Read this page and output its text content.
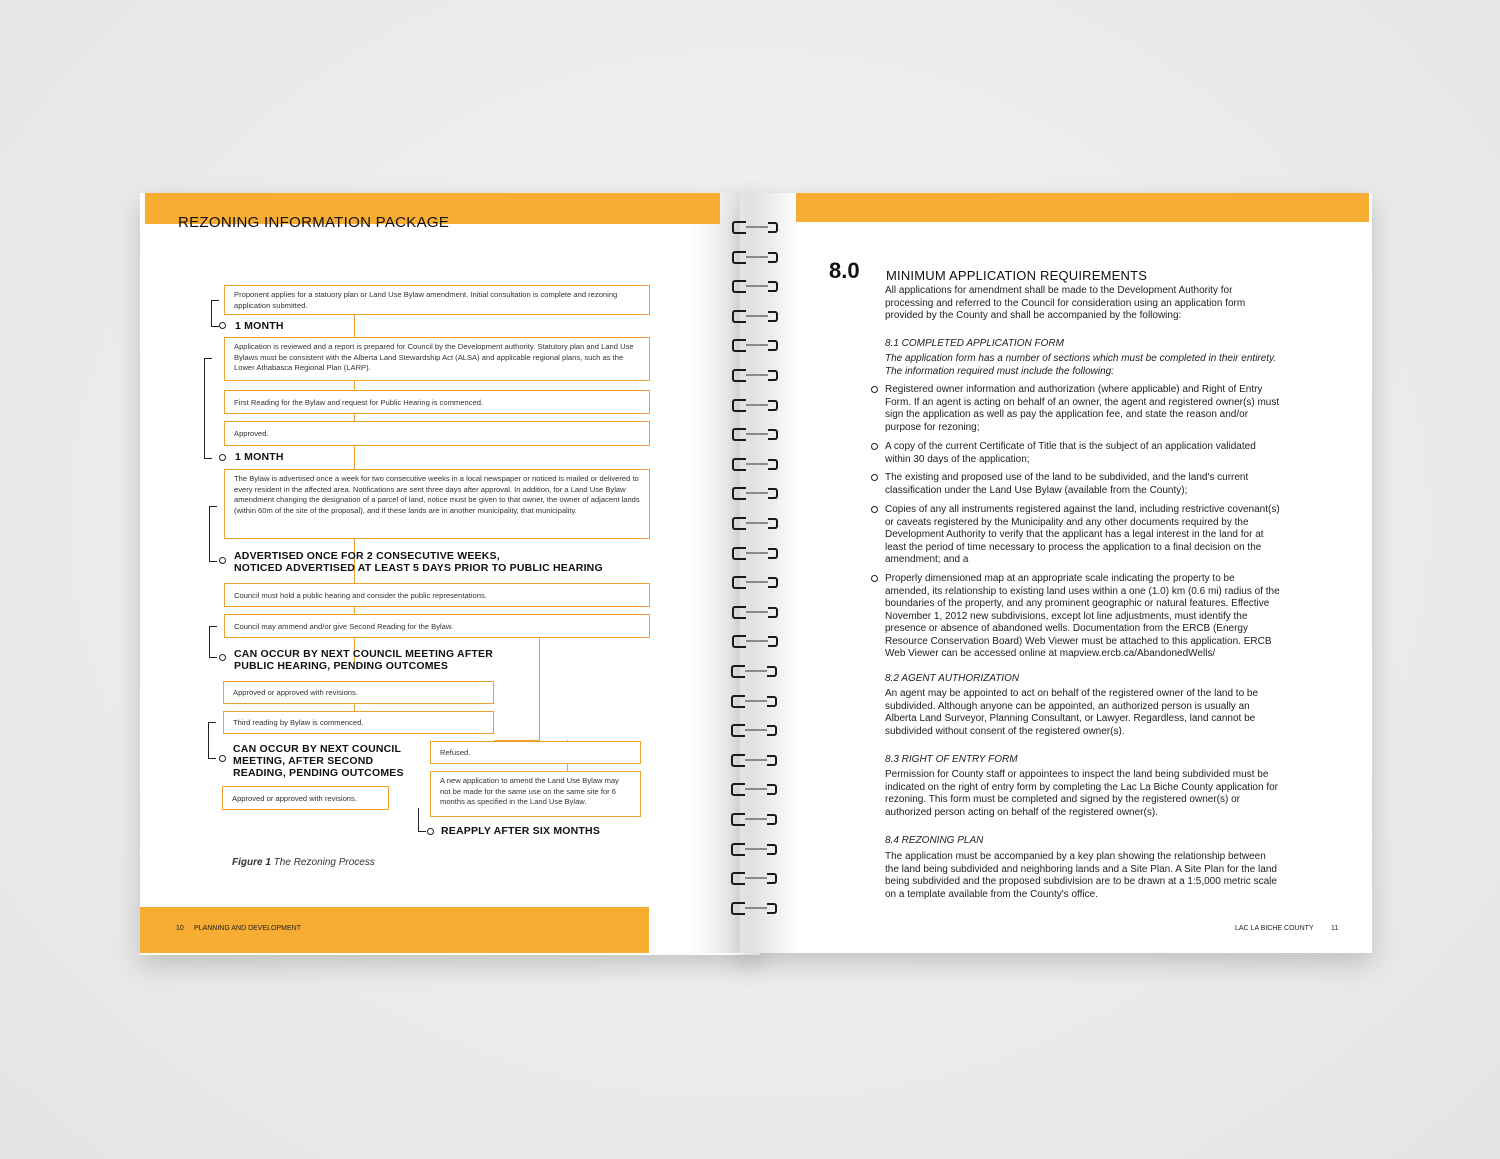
REZONING INFORMATION PACKAGE
Proponent applies for a statuory plan or Land Use Bylaw amendment. Initial consultation is complete and rezoning application submitted.
1 MONTH
Application is reviewed and a report is prepared for Council by the Development authority. Statutory plan and Land Use Bylaws must be consistent with the Alberta Land Stewardship Act (ALSA) and applicable regional plans, such as the Lower Athabasca Regional Plan (LARP).
First Reading for the Bylaw and request for Public Hearing is commenced.
Approved.
1 MONTH
The Bylaw is advertised once a week for two consecutive weeks in a local newspaper or noticed is mailed or delivered to every resident in the affected area. Notifications are sent three days after approval. In addition, for a Land Use Bylaw amendment changing the designation of a parcel of land, notice must be given to that owner, the owner of adjacent lands (within 60m of the site of the proposal), and if these lands are in another municipality, that municipality.
ADVERTISED ONCE FOR 2 CONSECUTIVE WEEKS,
NOTICED ADVERTISED AT LEAST 5 DAYS PRIOR TO PUBLIC HEARING
Council must hold a public hearing and consider the public representations.
Council may ammend and/or give Second Reading for the Bylaw.
CAN OCCUR BY NEXT COUNCIL MEETING AFTER
PUBLIC HEARING, PENDING OUTCOMES
Approved or approved with revisions.
Third reading by Bylaw is commenced.
CAN OCCUR BY NEXT COUNCIL
MEETING, AFTER SECOND
READING, PENDING OUTCOMES
Approved or approved with revisions.
Refused.
A new application to amend the Land Use Bylaw may not be made for the same use on the same site for 6 months as specified in the Land Use Bylaw.
REAPPLY AFTER SIX MONTHS
Figure 1 The Rezoning Process
10 PLANNING AND DEVELOPMENT
8.0 MINIMUM APPLICATION REQUIREMENTS
All applications for amendment shall be made to the Development Authority for processing and referred to the Council for consideration using an application form provided by the County and shall be accompanied by the following:
8.1 COMPLETED APPLICATION FORM
The application form has a number of sections which must be completed in their entirety. The information required must include the following:
Registered owner information and authorization (where applicable) and Right of Entry Form. If an agent is acting on behalf of an owner, the agent and registered owner(s) must sign the application as well as pay the application fee, and state the reason and/or purpose for rezoning;
A copy of the current Certificate of Title that is the subject of an application validated within 30 days of the application;
The existing and proposed use of the land to be subdivided, and the land's current classification under the Land Use Bylaw (available from the County);
Copies of any all instruments registered against the land, including restrictive covenant(s) or caveats registered by the Municipality and any other documents required by the Development Authority to verify that the applicant has a legal interest in the land for at least the period of time necessary to process the application to a final decision on the amendment; and a
Properly dimensioned map at an appropriate scale indicating the property to be amended, its relationship to existing land uses within a one (1.0) km (0.6 mi) radius of the boundaries of the property, and any prominent geographic or natural features. Effective November 1, 2012 new subdivisions, except lot line adjustments, must identify the presence or absence of abandoned wells. Documentation from the ERCB (Energy Resource Conservation Board) Web Viewer must be attached to this application. ERCB Web Viewer can be accessed online at mapview.ercb.ca/AbandonedWells/
8.2 AGENT AUTHORIZATION
An agent may be appointed to act on behalf of the registered owner of the land to be subdivided. Although anyone can be appointed, an authorized person is usually an Alberta Land Surveyor, Planning Consultant, or Lawyer. Regardless, land cannot be subdivided without consent of the registered owner(s).
8.3 RIGHT OF ENTRY FORM
Permission for County staff or appointees to inspect the land being subdivided must be indicated on the right of entry form by completing the Lac La Biche County application for rezoning. This form must be completed and signed by the registered owner(s) or authorized person acting on behalf of the registered owner(s).
8.4 REZONING PLAN
The application must be accompanied by a key plan showing the relationship between the land being subdivided and neighboring lands and a Site Plan. A Site Plan for the land being subdivided and the proposed subdivision are to be drawn at a 1:5,000 metric scale on a template available from the County's office.
LAC LA BICHE COUNTY 11
